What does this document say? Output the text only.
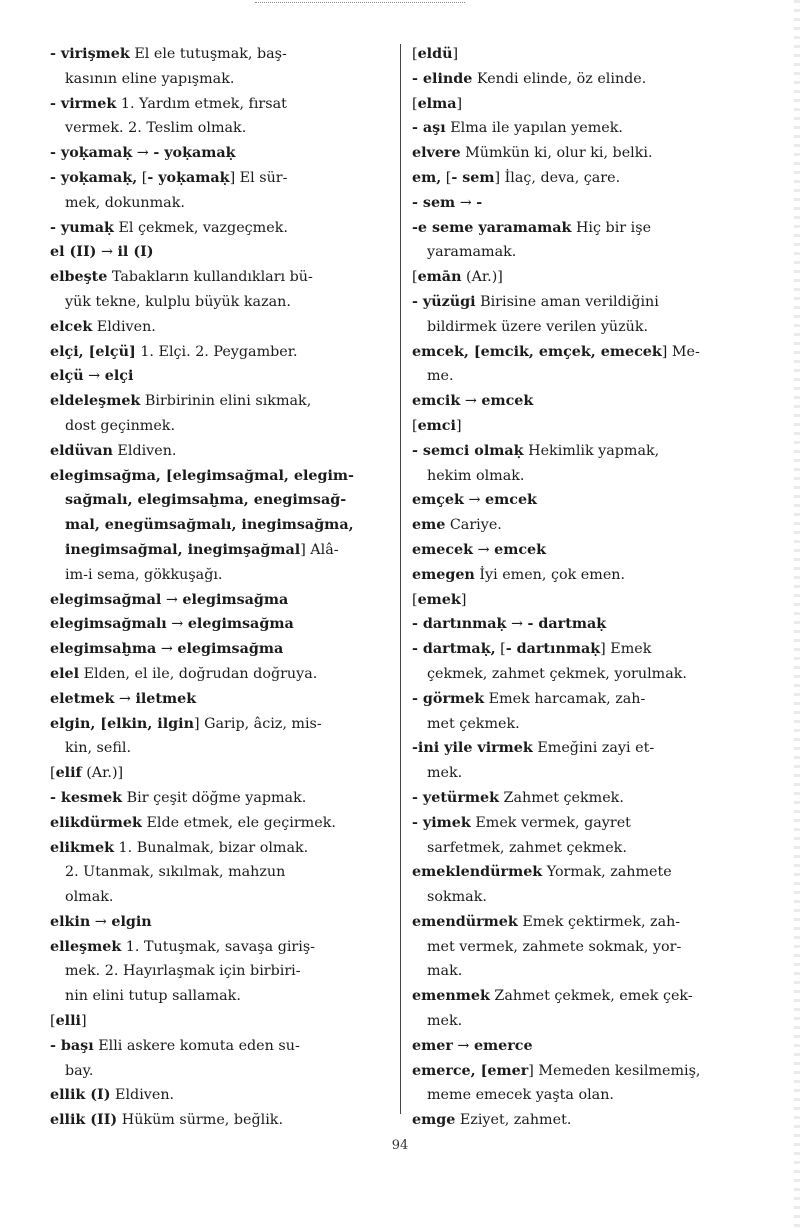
- virişmek El ele tutuşmak, baş-
kasının eline yapışmak.
- virmek 1. Yardım etmek, fırsat
vermek. 2. Teslim olmak.
- yoḳamaḳ → - yoḳamaḳ
- yoḳamaḳ, [- yoḳamaḳ] El sür-
mek, dokunmak.
- yumaḳ El çekmek, vazgeçmek.
el (II) → il (I)
elbeşte Tabakların kullandıkları bü-
yük tekne, kulplu büyük kazan.
elcek Eldiven.
elçi, [elçü] 1. Elçi. 2. Peygamber.
elçü → elçi
eldeleşmek Birbirinin elini sıkmak,
dost geçinmek.
eldüvan Eldiven.
elegimsağma, [elegimsağmal, elegim-
sağmalı, elegimsaḫma, enegimsağ-
mal, enegümsağmalı, inegimsağma,
inegimsağmal, inegimşağmal] Alâ-
im-i sema, gökkuşağı.
elegimsağmal → elegimsağma
elegimsağmalı → elegimsağma
elegimsaḫma → elegimsağma
elel Elden, el ile, doğrudan doğruya.
eletmek → iletmek
elgin, [elkin, ilgin] Garip, âciz, mis-
kin, sefil.
[elif (Ar.)]
- kesmek Bir çeşit döğme yapmak.
elikdürmek Elde etmek, ele geçirmek.
elikmek 1. Bunalmak, bizar olmak.
2. Utanmak, sıkılmak, mahzun
olmak.
elkin → elgin
elleşmek 1. Tutuşmak, savaşa giriş-
mek. 2. Hayırlaşmak için birbiri-
nin elini tutup sallamak.
[elli]
- başı Elli askere komuta eden su-
bay.
ellik (I) Eldiven.
ellik (II) Hüküm sürme, beğlik.
[eldü]
- elinde Kendi elinde, öz elinde.
[elma]
- aşı Elma ile yapılan yemek.
elvere Mümkün ki, olur ki, belki.
em, [- sem] İlaç, deva, çare.
- sem → -
-e seme yaramamak Hiç bir işe
yaramamak.
[emān (Ar.)]
- yüzügi Birisine aman verildiğini
bildirmek üzere verilen yüzük.
emcek, [emcik, emçek, emecek] Me-
me.
emcik → emcek
[emci]
- semci olmaḳ Hekimlik yapmak,
hekim olmak.
emçek → emcek
eme Cariye.
emecek → emcek
emegen İyi emen, çok emen.
[emek]
- dartınmaḳ → - dartmaḳ
- dartmaḳ, [- dartınmaḳ] Emek
çekmek, zahmet çekmek, yorulmak.
- görmek Emek harcamak, zah-
met çekmek.
-ini yile virmek Emeğini zayi et-
mek.
- yetürmek Zahmet çekmek.
- yimek Emek vermek, gayret
sarfetmek, zahmet çekmek.
emeklendürmek Yormak, zahmete
sokmak.
emendürmek Emek çektirmek, zah-
met vermek, zahmete sokmak, yor-
mak.
emenmek Zahmet çekmek, emek çek-
mek.
emer → emerce
emerce, [emer] Memeden kesilmemiş,
meme emecek yaşta olan.
emge Eziyet, zahmet.
94
